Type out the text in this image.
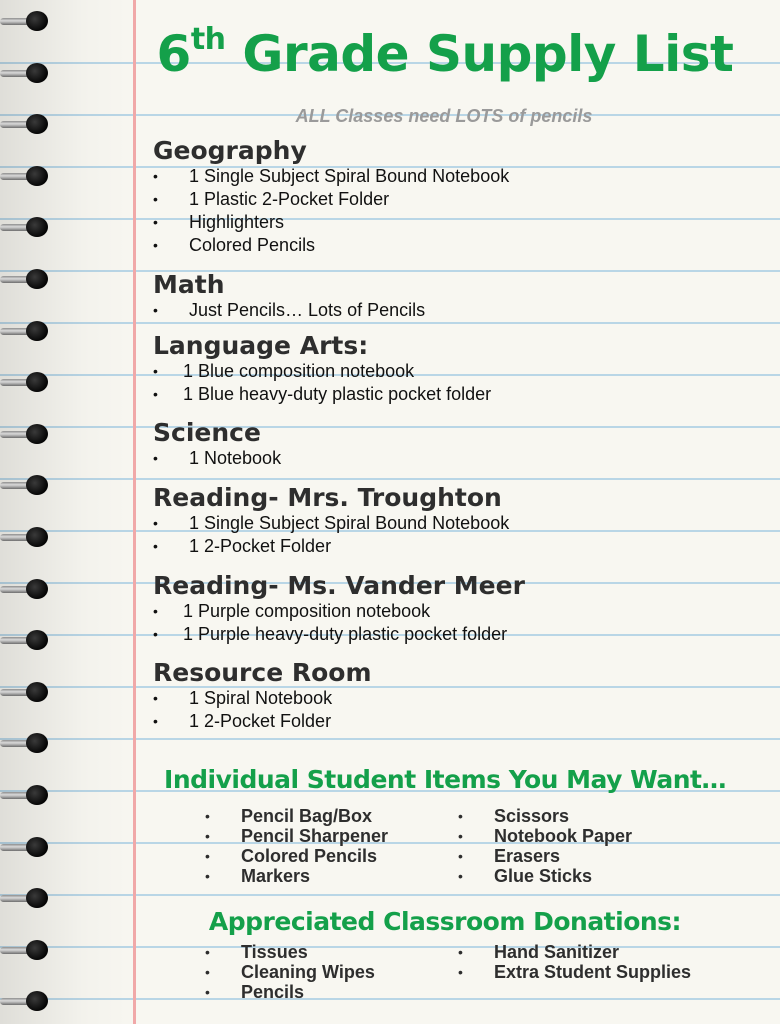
6th Grade Supply List
ALL Classes need LOTS of pencils
Geography
• 1 Single Subject Spiral Bound Notebook
• 1 Plastic 2-Pocket Folder
• Highlighters
• Colored Pencils
Math
• Just Pencils… Lots of Pencils
Language Arts:
• 1 Blue composition notebook
• 1 Blue heavy-duty plastic pocket folder
Science
• 1 Notebook
Reading- Mrs. Troughton
• 1 Single Subject Spiral Bound Notebook
• 1 2-Pocket Folder
Reading- Ms. Vander Meer
• 1 Purple composition notebook
• 1 Purple heavy-duty plastic pocket folder
Resource Room
• 1 Spiral Notebook
• 1 2-Pocket Folder
Individual Student Items You May Want…
• Pencil Bag/Box
• Pencil Sharpener
• Colored Pencils
• Markers
• Scissors
• Notebook Paper
• Erasers
• Glue Sticks
Appreciated Classroom Donations:
• Tissues
• Cleaning Wipes
• Pencils
• Hand Sanitizer
• Extra Student Supplies
